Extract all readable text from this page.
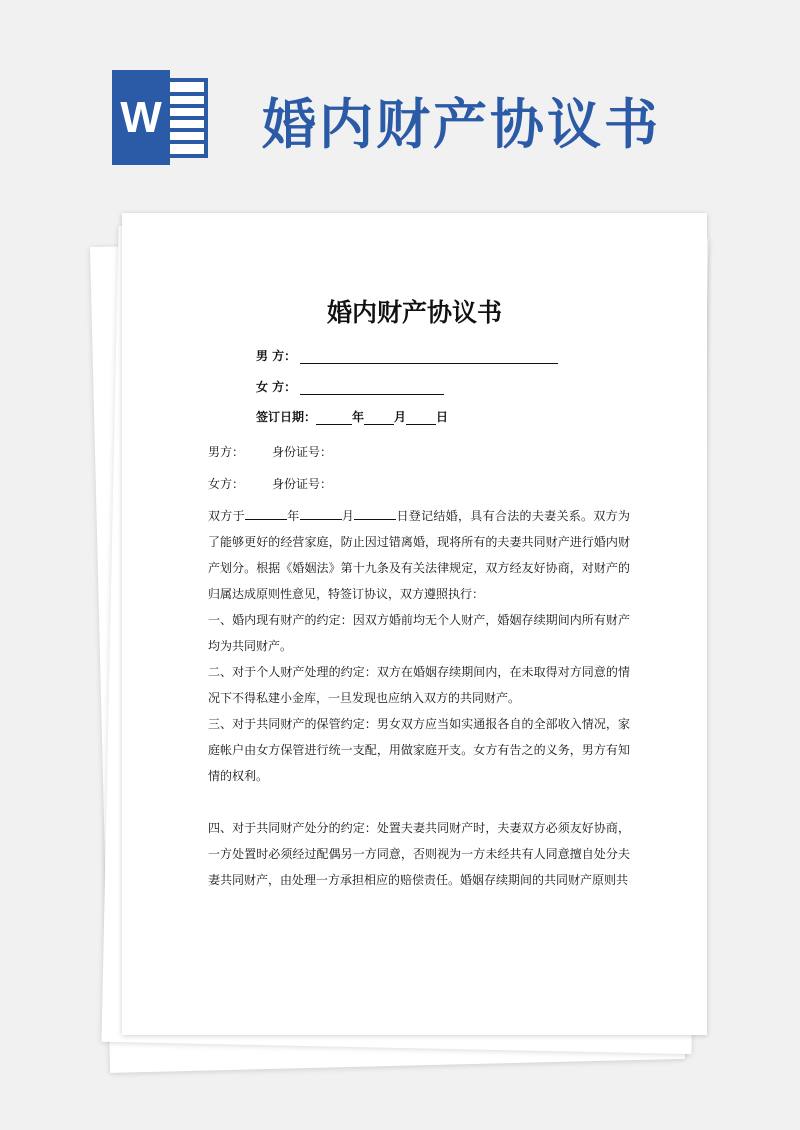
W 婚内财产协议书
婚内财产协议书
男 方：
女 方：
签订日期：	年	月	日
男方： 身份证号：
女方： 身份证号：

双方于	年	月	日登记结婚，具有合法的夫妻关系。双方为了能够更好的经营家庭，防止因过错离婚，现将所有的夫妻共同财产进行婚内财产划分。根据《婚姻法》第十九条及有关法律规定，双方经友好协商，对财产的归属达成原则性意见，特签订协议，双方遵照执行：

一、婚内现有财产的约定：因双方婚前均无个人财产，婚姻存续期间内所有财产均为共同财产。

二、对于个人财产处理的约定：双方在婚姻存续期间内，在未取得对方同意的情况下不得私建小金库，一旦发现也应纳入双方的共同财产。

三、对于共同财产的保管约定：男女双方应当如实通报各自的全部收入情况，家庭帐户由女方保管进行统一支配，用做家庭开支。女方有告之的义务，男方有知情的权利。

四、对于共同财产处分的约定：处置夫妻共同财产时，夫妻双方必须友好协商，一方处置时必须经过配偶另一方同意，否则视为一方未经共有人同意擅自处分夫妻共同财产，由处理一方承担相应的赔偿责任。婚姻存续期间的共同财产原则共
